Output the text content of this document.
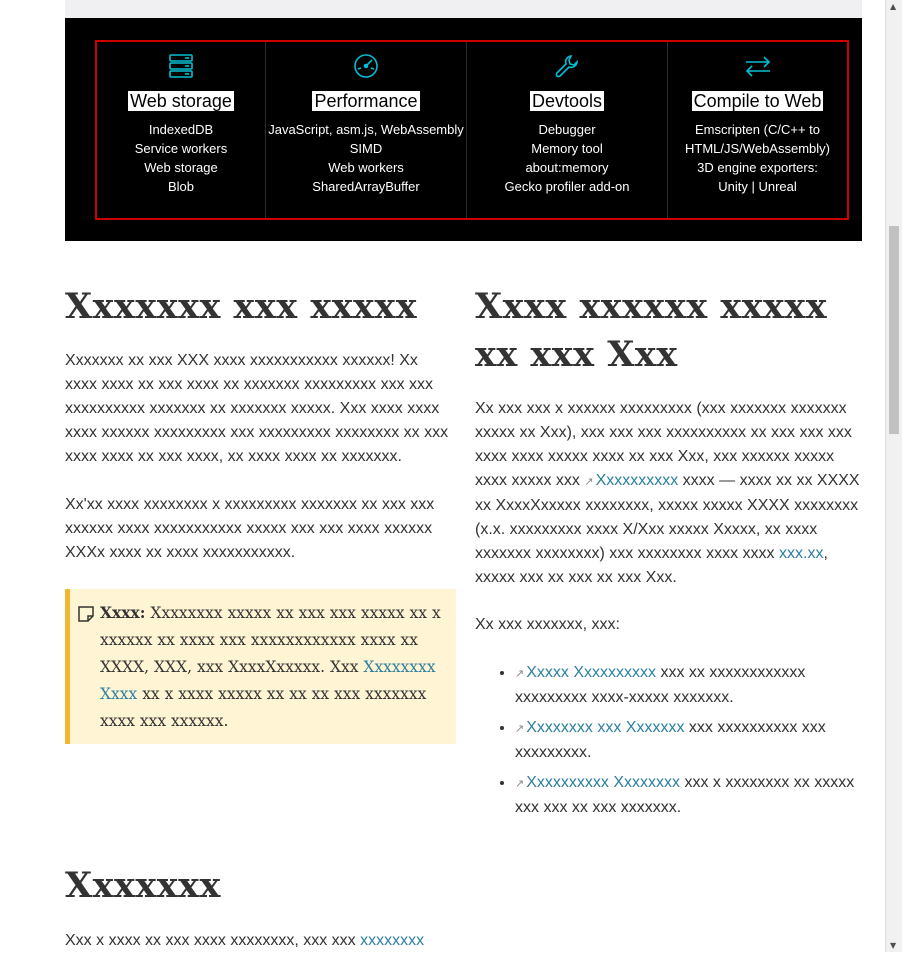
Web storage
IndexedDB
Service workers
Web storage
Blob
Performance
JavaScript, asm.js, WebAssembly
SIMD
Web workers
SharedArrayBuffer
Devtools
Debugger
Memory tool
about:memory
Gecko profiler add-on
Compile to Web
Emscripten (C/C++ to
HTML/JS/WebAssembly)
3D engine exporters:
Unity | Unreal
Xxxxxxx xxx xxxxx

Xxxxxxx xx xxx XXX xxxx xxxxxxxxxxx xxxxxx! Xx xxxx xxxx xx xxx xxxx xx xxxxxxx xxxxxxxxx xxx xxx xxxxxxxxxx xxxxxxx xx xxxxxxx xxxxx. Xxx xxxx xxxx xxxx xxxxxx xxxxxxxxx xxx xxxxxxxxx xxxxxxxx xx xxx xxxx xxxx xx xxx xxxx, xx xxxx xxxx xx xxxxxxx.

Xx'xx xxxx xxxxxxxx x xxxxxxxxx xxxxxxx xx xxx xxx xxxxxx xxxx xxxxxxxxxxx xxxxx xxx xxx xxxx xxxxxx XXXx xxxx xx xxxx xxxxxxxxxxx.

Xxxx: Xxxxxxxx xxxxx xx xxx xxx xxxxx xx x xxxxxx xx xxxx xxx xxxxxxxxxxxx xxxx xx XXXX, XXX, xxx XxxxXxxxxx. Xxx Xxxxxxxx Xxxx xx x xxxx xxxxx xx xx xx xxx xxxxxxx xxxx xxx xxxxxx.

Xxxxxxx

Xxx x xxxx xx xxx xxxx xxxxxxxx, xxx xxx xxxxxxxx

Xxxx xxxxxx xxxxx xx xxx Xxx

Xx xxx xxx x xxxxxx xxxxxxxxx (xxx xxxxxxx xxxxxxx xxxxx xx Xxx), xxx xxx xxx xxxxxxxxxx xx xxx xxx xxx xxxx xxxx xxxxx xxxx xx xxx Xxx, xxx xxxxxx xxxxx xxxx xxxxx xxx ↗ Xxxxxxxxxx xxxx — xxxx xx xx XXXX xx XxxxXxxxxx xxxxxxxx, xxxxx xxxxx XXXX xxxxxxxx (x.x. xxxxxxxxx xxxx X/Xxx xxxxx Xxxxx, xx xxxx xxxxxxx xxxxxxxx) xxx xxxxxxxx xxxx xxxx xxx.xx, xxxxx xxx xx xxx xx xxx Xxx.

Xx xxx xxxxxxx, xxx:

• ↗ Xxxxx Xxxxxxxxxx xxx xx xxxxxxxxxxxx xxxxxxxxx xxxx-xxxxx xxxxxxx.
• ↗ Xxxxxxxx xxx Xxxxxxx xxx xxxxxxxxxx xxx xxxxxxxxx.
• ↗ Xxxxxxxxxx Xxxxxxxx xxx x xxxxxxxx xx xxxxx xxx xxx xx xxx xxxxxxx.
▲
▼
